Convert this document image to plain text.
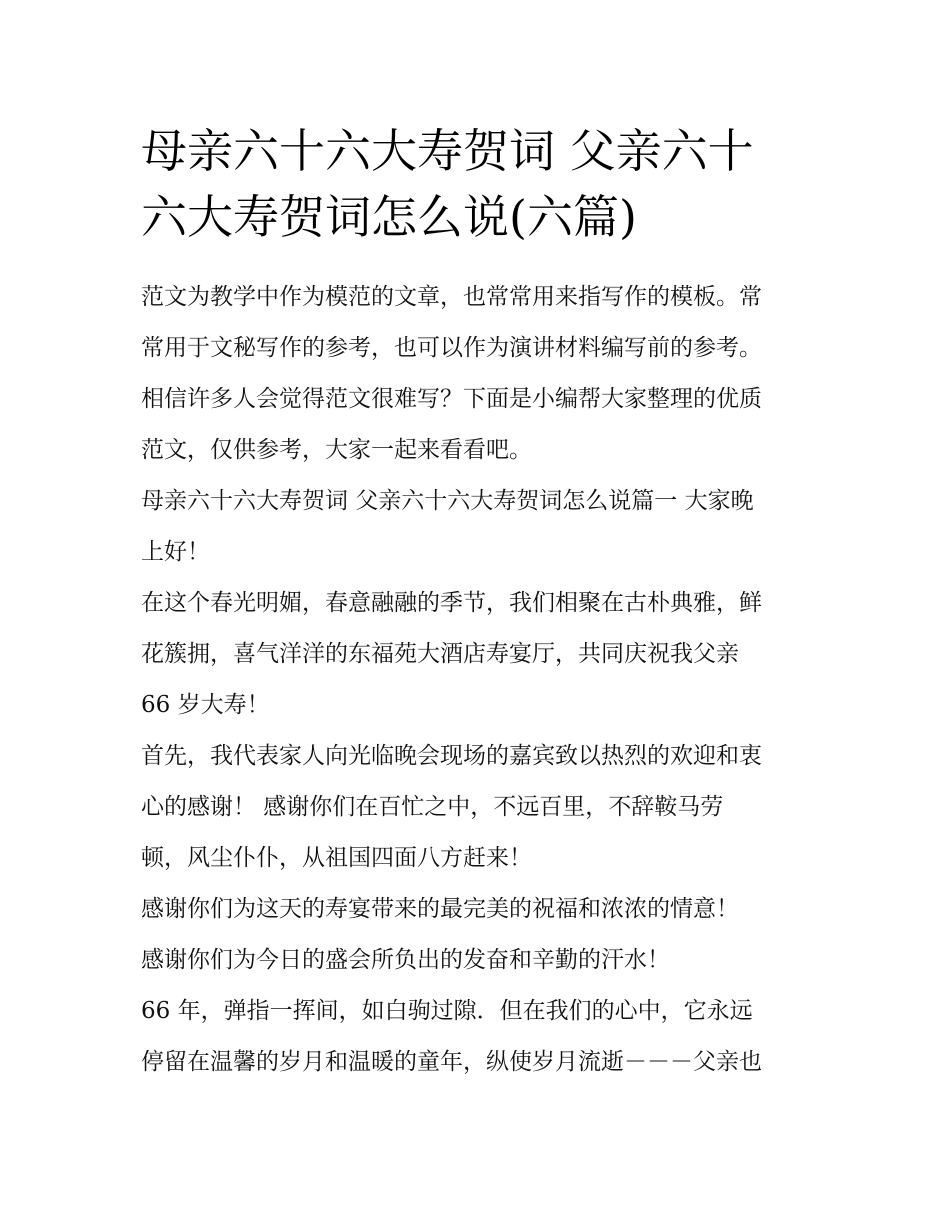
母亲六十六大寿贺词 父亲六十
六大寿贺词怎么说(六篇)
范文为教学中作为模范的文章，也常常用来指写作的模板。常
常用于文秘写作的参考，也可以作为演讲材料编写前的参考。
相信许多人会觉得范文很难写？下面是小编帮大家整理的优质
范文，仅供参考，大家一起来看看吧。
母亲六十六大寿贺词 父亲六十六大寿贺词怎么说篇一 大家晚
上好！
在这个春光明媚，春意融融的季节，我们相聚在古朴典雅，鲜
花簇拥，喜气洋洋的东福苑大酒店寿宴厅，共同庆祝我父亲
66 岁大寿！
首先，我代表家人向光临晚会现场的嘉宾致以热烈的欢迎和衷
心的感谢！ 感谢你们在百忙之中，不远百里，不辞鞍马劳
顿，风尘仆仆，从祖国四面八方赶来！
感谢你们为这天的寿宴带来的最完美的祝福和浓浓的情意！
感谢你们为今日的盛会所负出的发奋和辛勤的汗水！
66 年，弹指一挥间，如白驹过隙．但在我们的心中，它永远
停留在温馨的岁月和温暖的童年，纵使岁月流逝－－－父亲也
